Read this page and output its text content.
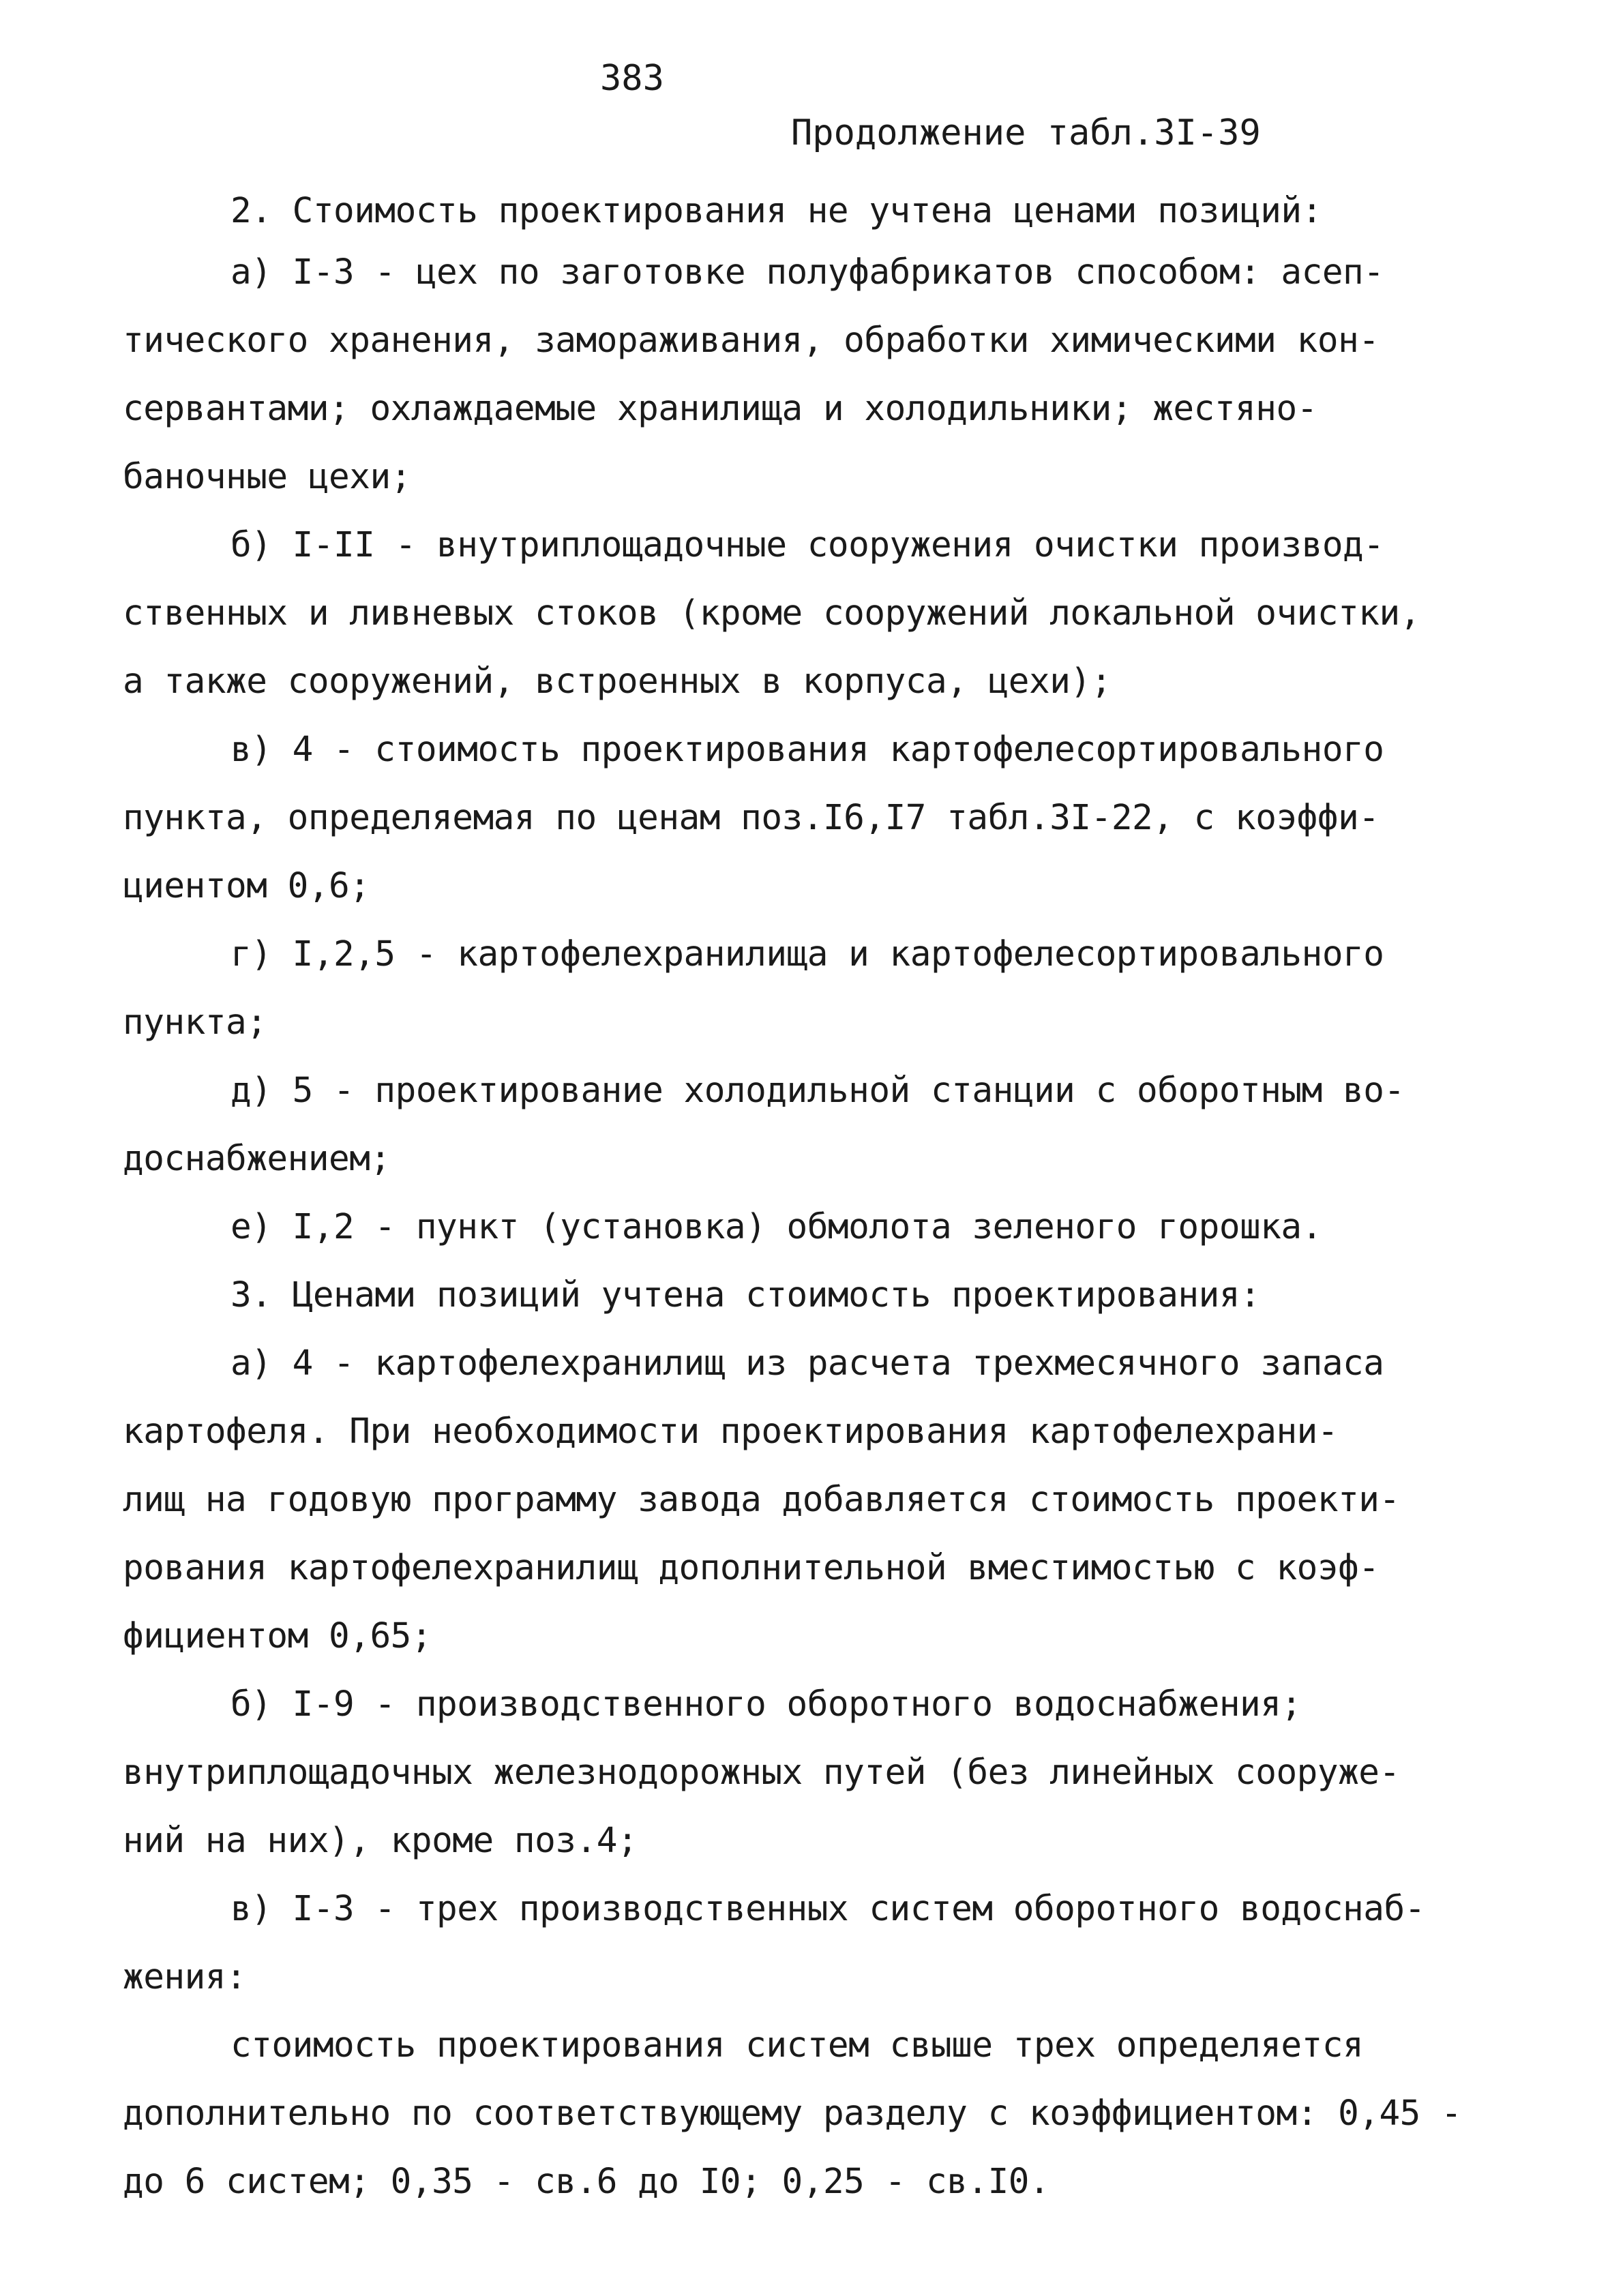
383
Продолжение табл.3I-39
2. Стоимость проектирования не учтена ценами позиций:
а) I-3 - цех по заготовке полуфабрикатов способом: асеп-
тического хранения, замораживания, обработки химическими кон-
сервантами; охлаждаемые хранилища и холодильники; жестяно-
баночные цехи;
б) I-II - внутриплощадочные сооружения очистки производ-
ственных и ливневых стоков (кроме сооружений локальной очистки,
а также сооружений, встроенных в корпуса, цехи);
в) 4 - стоимость проектирования картофелесортировального
пункта, определяемая по ценам поз.I6,I7 табл.3I-22, с коэффи-
циентом 0,6;
г) I,2,5 - картофелехранилища и картофелесортировального
пункта;
д) 5 - проектирование холодильной станции с оборотным во-
доснабжением;
е) I,2 - пункт (установка) обмолота зеленого горошка.
3. Ценами позиций учтена стоимость проектирования:
а) 4 - картофелехранилищ из расчета трехмесячного запаса
картофеля. При необходимости проектирования картофелехрани-
лищ на годовую программу завода добавляется стоимость проекти-
рования картофелехранилищ дополнительной вместимостью с коэф-
фициентом 0,65;
б) I-9 - производственного оборотного водоснабжения;
внутриплощадочных железнодорожных путей (без линейных сооруже-
ний на них), кроме поз.4;
в) I-3 - трех производственных систем оборотного водоснаб-
жения:
стоимость проектирования систем свыше трех определяется
дополнительно по соответствующему разделу с коэффициентом: 0,45 -
до 6 систем; 0,35 - св.6 до I0; 0,25 - св.I0.
